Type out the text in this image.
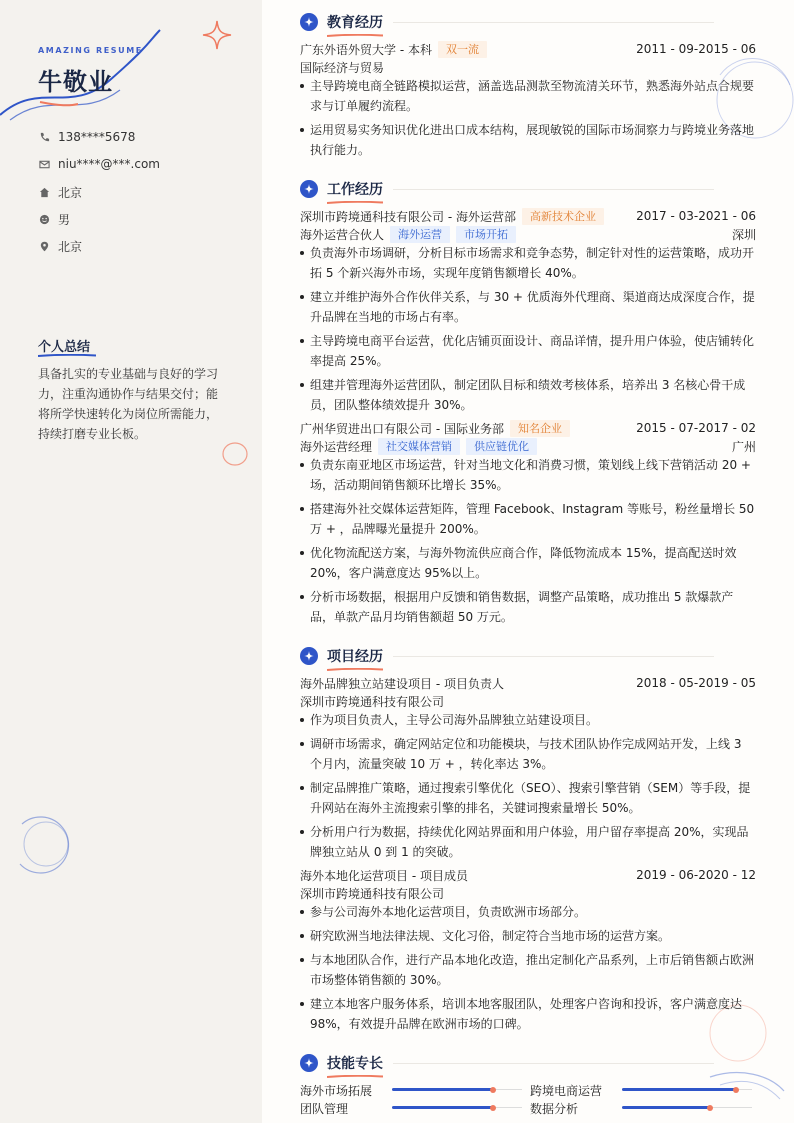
AMAZING RESUME
牛敬业
138****5678
niu****@***.com
北京
男
北京
个人总结
具备扎实的专业基础与良好的学习力，注重沟通协作与结果交付；能将所学快速转化为岗位所需能力，持续打磨专业长板。
教育经历
广东外语外贸大学 - 本科	双一流	2011 - 09-2015 - 06
国际经济与贸易
主导跨境电商全链路模拟运营，涵盖选品测款至物流清关环节，熟悉海外站点合规要求与订单履约流程。
运用贸易实务知识优化进出口成本结构，展现敏锐的国际市场洞察力与跨境业务落地执行能力。
工作经历
深圳市跨境通科技有限公司 - 海外运营部	高新技术企业	2017 - 03-2021 - 06
海外运营合伙人	海外运营	市场开拓	深圳
负责海外市场调研，分析目标市场需求和竞争态势，制定针对性的运营策略，成功开拓 5 个新兴海外市场，实现年度销售额增长 40%。
建立并维护海外合作伙伴关系，与 30 + 优质海外代理商、渠道商达成深度合作，提升品牌在当地的市场占有率。
主导跨境电商平台运营，优化店铺页面设计、商品详情，提升用户体验，使店铺转化率提高 25%。
组建并管理海外运营团队，制定团队目标和绩效考核体系，培养出 3 名核心骨干成员，团队整体绩效提升 30%。
广州华贸进出口有限公司 - 国际业务部	知名企业	2015 - 07-2017 - 02
海外运营经理	社交媒体营销	供应链优化	广州
负责东南亚地区市场运营，针对当地文化和消费习惯，策划线上线下营销活动 20 + 场，活动期间销售额环比增长 35%。
搭建海外社交媒体运营矩阵，管理 Facebook、Instagram 等账号，粉丝量增长 50 万 + ，品牌曝光量提升 200%。
优化物流配送方案，与海外物流供应商合作，降低物流成本 15%，提高配送时效 20%，客户满意度达 95%以上。
分析市场数据，根据用户反馈和销售数据，调整产品策略，成功推出 5 款爆款产品，单款产品月均销售额超 50 万元。
项目经历
海外品牌独立站建设项目 - 项目负责人	2018 - 05-2019 - 05
深圳市跨境通科技有限公司
作为项目负责人，主导公司海外品牌独立站建设项目。
调研市场需求，确定网站定位和功能模块，与技术团队协作完成网站开发，上线 3 个月内，流量突破 10 万 + ，转化率达 3%。
制定品牌推广策略，通过搜索引擎优化（SEO）、搜索引擎营销（SEM）等手段，提升网站在海外主流搜索引擎的排名，关键词搜索量增长 50%。
分析用户行为数据，持续优化网站界面和用户体验，用户留存率提高 20%，实现品牌独立站从 0 到 1 的突破。
海外本地化运营项目 - 项目成员	2019 - 06-2020 - 12
深圳市跨境通科技有限公司
参与公司海外本地化运营项目，负责欧洲市场部分。
研究欧洲当地法律法规、文化习俗，制定符合当地市场的运营方案。
与本地团队合作，进行产品本地化改造，推出定制化产品系列，上市后销售额占欧洲市场整体销售额的 30%。
建立本地客户服务体系，培训本地客服团队，处理客户咨询和投诉，客户满意度达 98%，有效提升品牌在欧洲市场的口碑。
技能专长
海外市场拓展	跨境电商运营
团队管理	数据分析
